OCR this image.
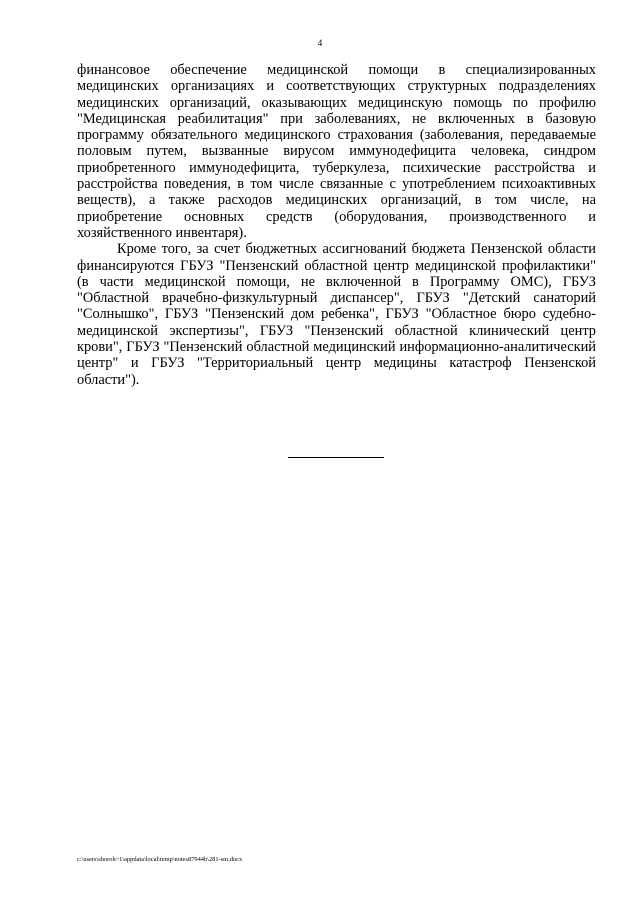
4

финансовое обеспечение медицинской помощи в специализированных медицинских организациях и соответствующих структурных подразделениях медицинских организаций, оказывающих медицинскую помощь по профилю "Медицинская реабилитация" при заболеваниях, не включенных в базовую программу обязательного медицинского страхования (заболевания, передаваемые половым путем, вызванные вирусом иммунодефицита человека, синдром приобретенного иммунодефицита, туберкулеза, психические расстройства и расстройства поведения, в том числе связанные с употреблением психоактивных веществ), а также расходов медицинских организаций, в том числе, на приобретение основных средств (оборудования, производственного и хозяйственного инвентаря).

Кроме того, за счет бюджетных ассигнований бюджета Пензенской области финансируются ГБУЗ "Пензенский областной центр медицинской профилактики" (в части медицинской помощи, не включенной в Программу ОМС), ГБУЗ "Областной врачебно-физкультурный диспансер", ГБУЗ "Детский санаторий "Солнышко", ГБУЗ "Пензенский дом ребенка", ГБУЗ "Областное бюро судебно-медицинской экспертизы", ГБУЗ "Пензенский областной клинический центр крови", ГБУЗ "Пензенский областной медицинский информационно-аналитический центр" и ГБУЗ "Территориальный центр медицины катастроф Пензенской области").

c:\users\shoroh~1\appdata\local\temp\notes87944b\281-sm.docx
